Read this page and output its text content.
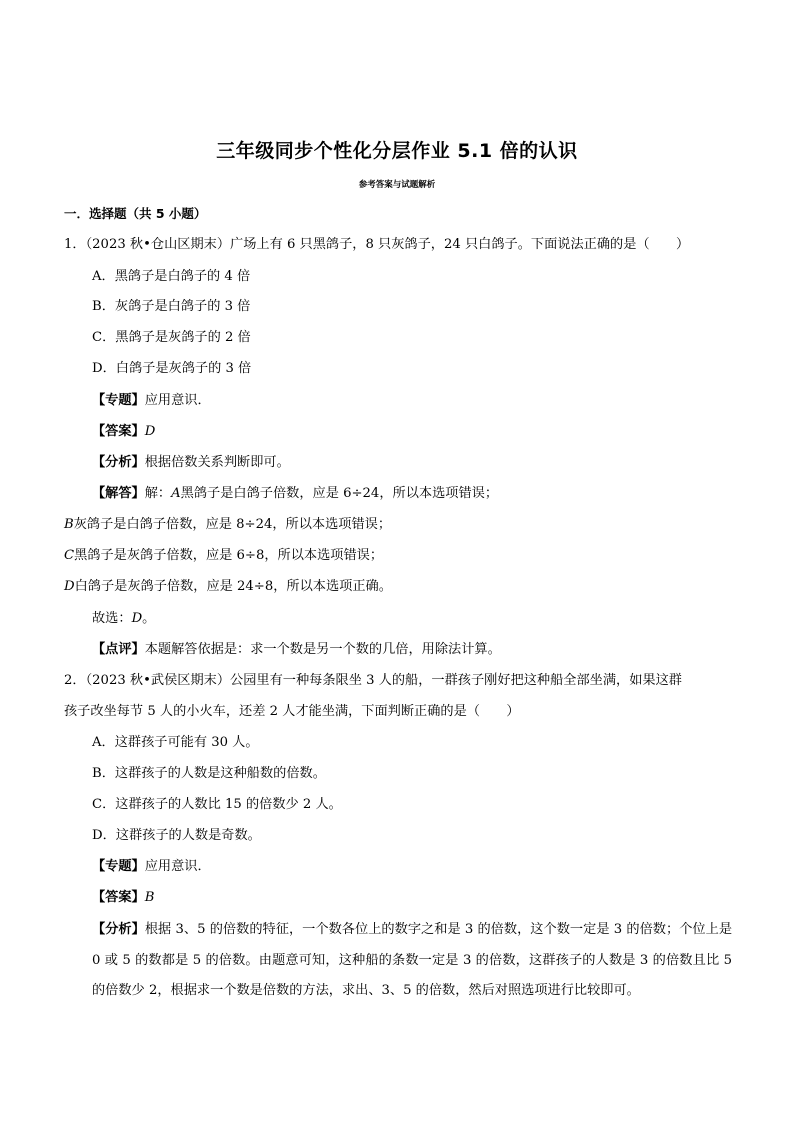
三年级同步个性化分层作业 5.1 倍的认识
参考答案与试题解析
一．选择题（共 5 小题）
1．（2023 秋•仓山区期末）广场上有 6 只黑鸽子，8 只灰鸽子，24 只白鸽子。下面说法正确的是（　　）
A．黑鸽子是白鸽子的 4 倍
B．灰鸽子是白鸽子的 3 倍
C．黑鸽子是灰鸽子的 2 倍
D．白鸽子是灰鸽子的 3 倍
【专题】应用意识．
【答案】D
【分析】根据倍数关系判断即可。
【解答】解：A黑鸽子是白鸽子倍数，应是 6÷24，所以本选项错误；
B灰鸽子是白鸽子倍数，应是 8÷24，所以本选项错误；
C黑鸽子是灰鸽子倍数，应是 6÷8，所以本选项错误；
D白鸽子是灰鸽子倍数，应是 24÷8，所以本选项正确。
故选：D。
【点评】本题解答依据是：求一个数是另一个数的几倍，用除法计算。
2．（2023 秋•武侯区期末）公园里有一种每条限坐 3 人的船，一群孩子刚好把这种船全部坐满，如果这群
孩子改坐每节 5 人的小火车，还差 2 人才能坐满，下面判断正确的是（　　）
A．这群孩子可能有 30 人。
B．这群孩子的人数是这种船数的倍数。
C．这群孩子的人数比 15 的倍数少 2 人。
D．这群孩子的人数是奇数。
【专题】应用意识．
【答案】B
【分析】根据 3、5 的倍数的特征，一个数各位上的数字之和是 3 的倍数，这个数一定是 3 的倍数；个位上是 0 或 5 的数都是 5 的倍数。由题意可知，这种船的条数一定是 3 的倍数，这群孩子的人数是 3 的倍数且比 5 的倍数少 2，根据求一个数是倍数的方法，求出、3、5 的倍数，然后对照选项进行比较即可。
